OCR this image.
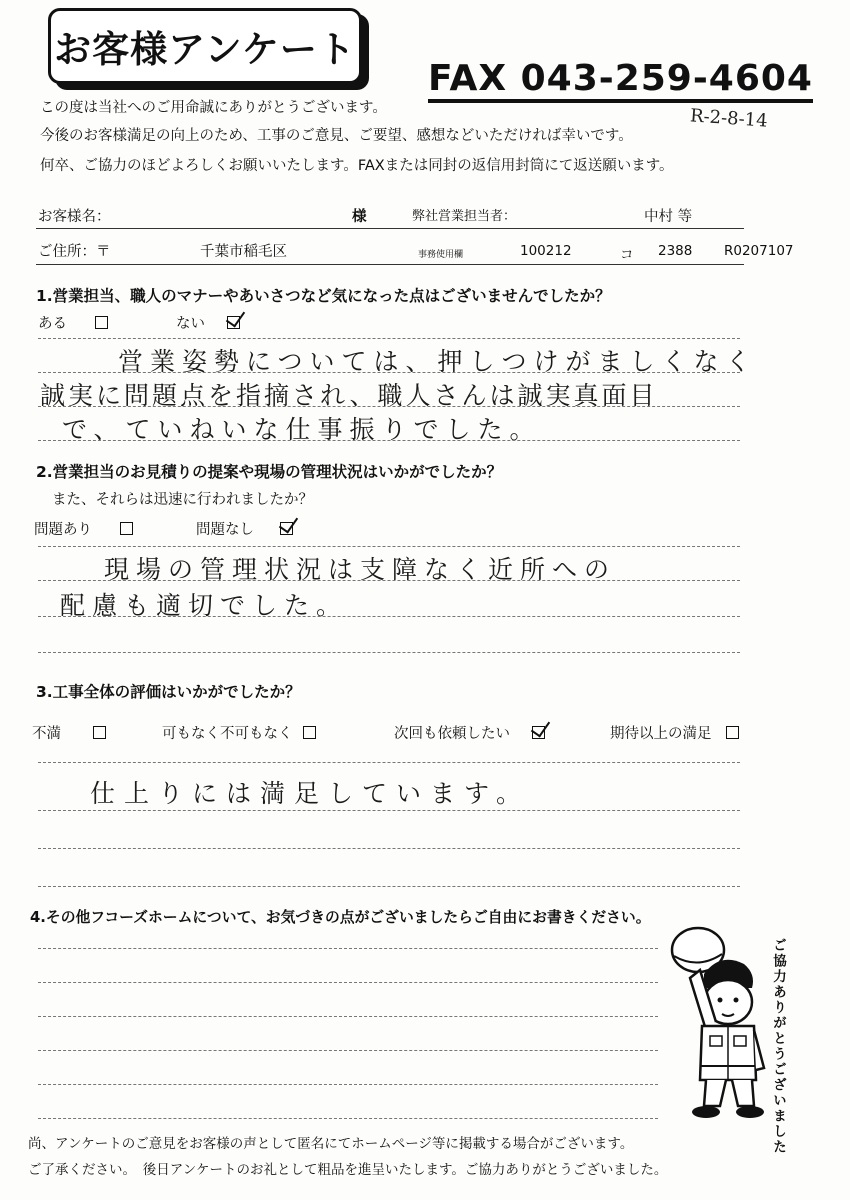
お客様アンケート
FAX 043-259-4604
R-2-8-14
この度は当社へのご用命誠にありがとうございます。
今後のお客様満足の向上のため、工事のご意見、ご要望、感想などいただければ幸いです。
何卒、ご協力のほどよろしくお願いいたします。FAXまたは同封の返信用封筒にて返送願います。
お客様名：	様	弊社営業担当者：	中村 等
ご住所：〒	千葉市稲毛区	事務使用欄	100212	コ 2388 R0207107
1.営業担当、職人のマナーやあいさつなど気になった点はございませんでしたか？
ある	ない
営業姿勢については、押しつけがましくなく
誠実に問題点を指摘され、職人さんは誠実真面目
で、ていねいな仕事振りでした。
2.営業担当のお見積りの提案や現場の管理状況はいかがでしたか？
また、それらは迅速に行われましたか？
問題あり	問題なし
現場の管理状況は支障なく近所への
配慮も適切でした。
3.工事全体の評価はいかがでしたか？
不満	可もなく不可もなく	次回も依頼したい	期待以上の満足
仕上りには満足しています。
4.その他フコーズホームについて、お気づきの点がございましたらご自由にお書きください。
ご協力ありがとうございました
尚、アンケートのご意見をお客様の声として匿名にてホームページ等に掲載する場合がございます。
ご了承ください。　後日アンケートのお礼として粗品を進呈いたします。ご協力ありがとうございました。
